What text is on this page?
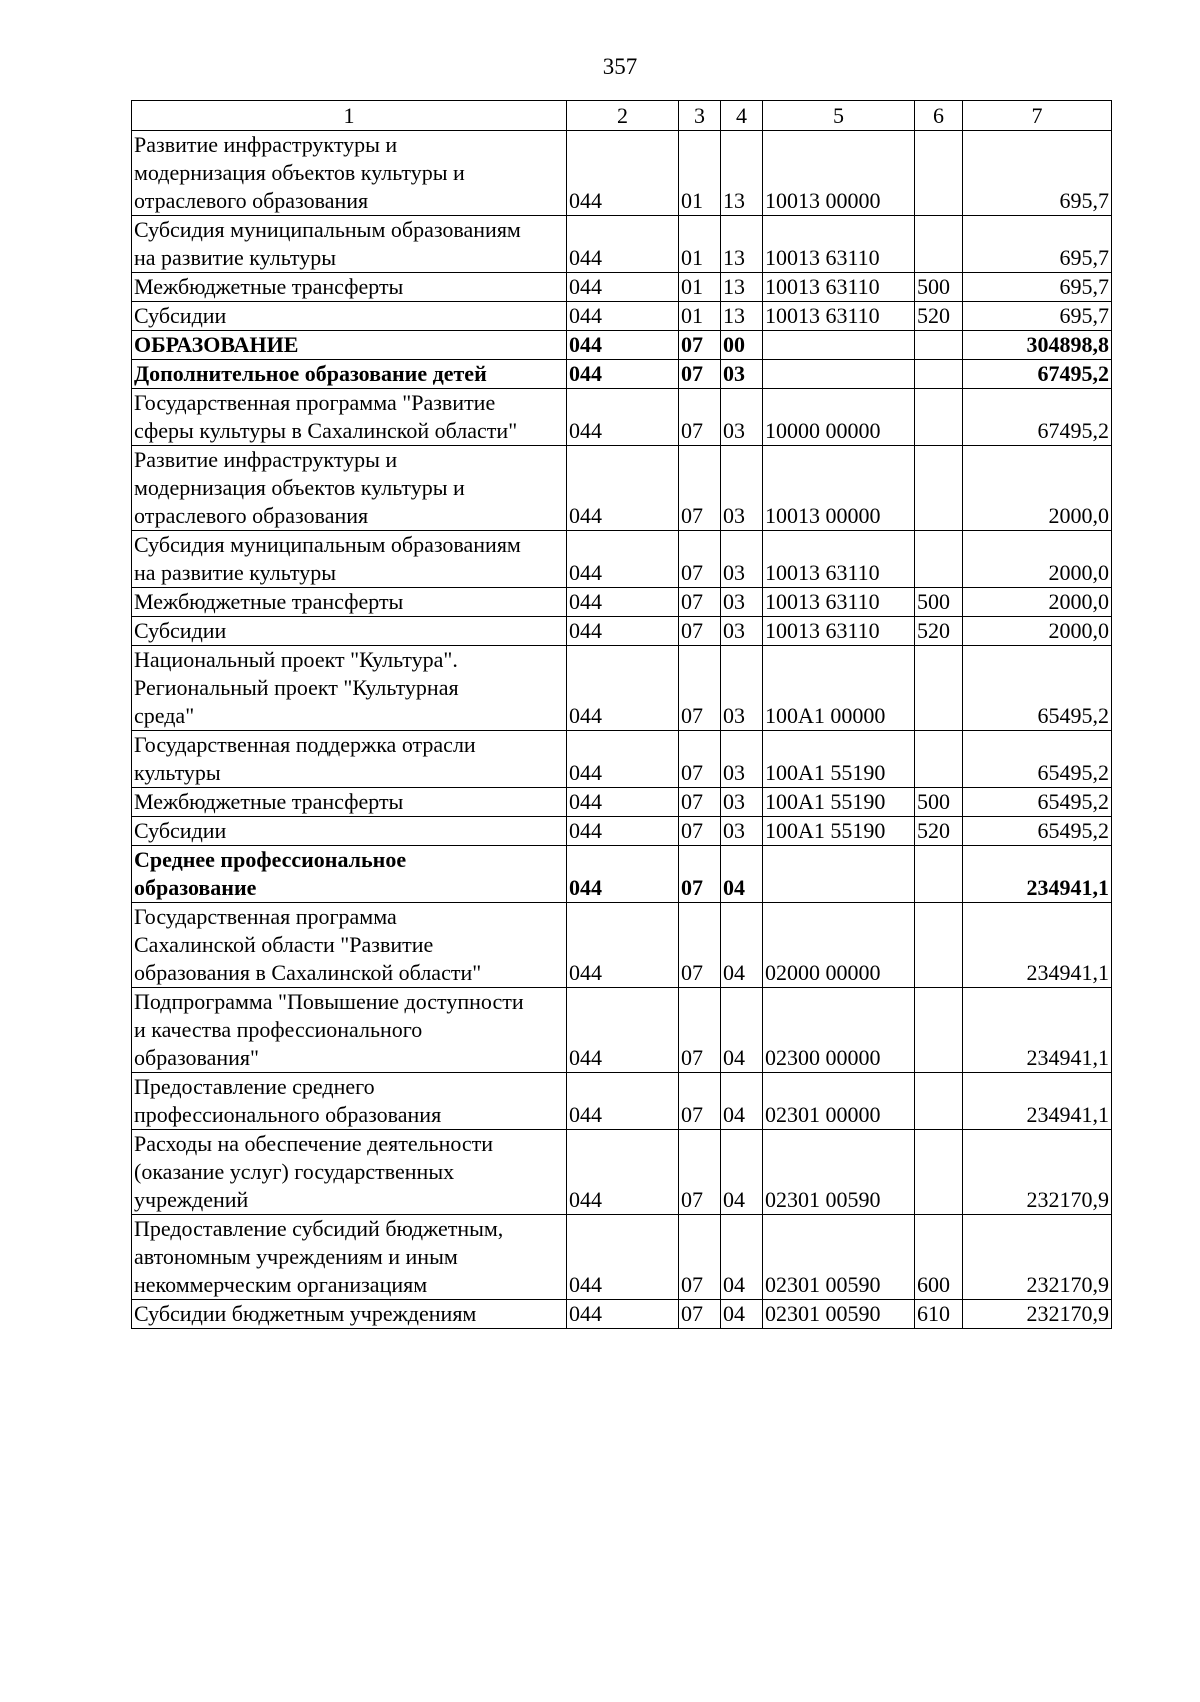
357
1	2	3	4	5	6	7
Развитие инфраструктуры и
модернизация объектов культуры и
отраслевого образования	044	01	13	10013 00000		695,7
Субсидия муниципальным образованиям
на развитие культуры	044	01	13	10013 63110		695,7
Межбюджетные трансферты	044	01	13	10013 63110	500	695,7
Субсидии	044	01	13	10013 63110	520	695,7
ОБРАЗОВАНИЕ	044	07	00			304898,8
Дополнительное образование детей	044	07	03			67495,2
Государственная программа "Развитие
сферы культуры в Сахалинской области"	044	07	03	10000 00000		67495,2
Развитие инфраструктуры и
модернизация объектов культуры и
отраслевого образования	044	07	03	10013 00000		2000,0
Субсидия муниципальным образованиям
на развитие культуры	044	07	03	10013 63110		2000,0
Межбюджетные трансферты	044	07	03	10013 63110	500	2000,0
Субсидии	044	07	03	10013 63110	520	2000,0
Национальный проект "Культура".
Региональный проект "Культурная
среда"	044	07	03	100A1 00000		65495,2
Государственная поддержка отрасли
культуры	044	07	03	100A1 55190		65495,2
Межбюджетные трансферты	044	07	03	100A1 55190	500	65495,2
Субсидии	044	07	03	100A1 55190	520	65495,2
Среднее профессиональное
образование	044	07	04			234941,1
Государственная программа
Сахалинской области "Развитие
образования в Сахалинской области"	044	07	04	02000 00000		234941,1
Подпрограмма "Повышение доступности
и качества профессионального
образования"	044	07	04	02300 00000		234941,1
Предоставление среднего
профессионального образования	044	07	04	02301 00000		234941,1
Расходы на обеспечение деятельности
(оказание услуг) государственных
учреждений	044	07	04	02301 00590		232170,9
Предоставление субсидий бюджетным,
автономным учреждениям и иным
некоммерческим организациям	044	07	04	02301 00590	600	232170,9
Субсидии бюджетным учреждениям	044	07	04	02301 00590	610	232170,9
